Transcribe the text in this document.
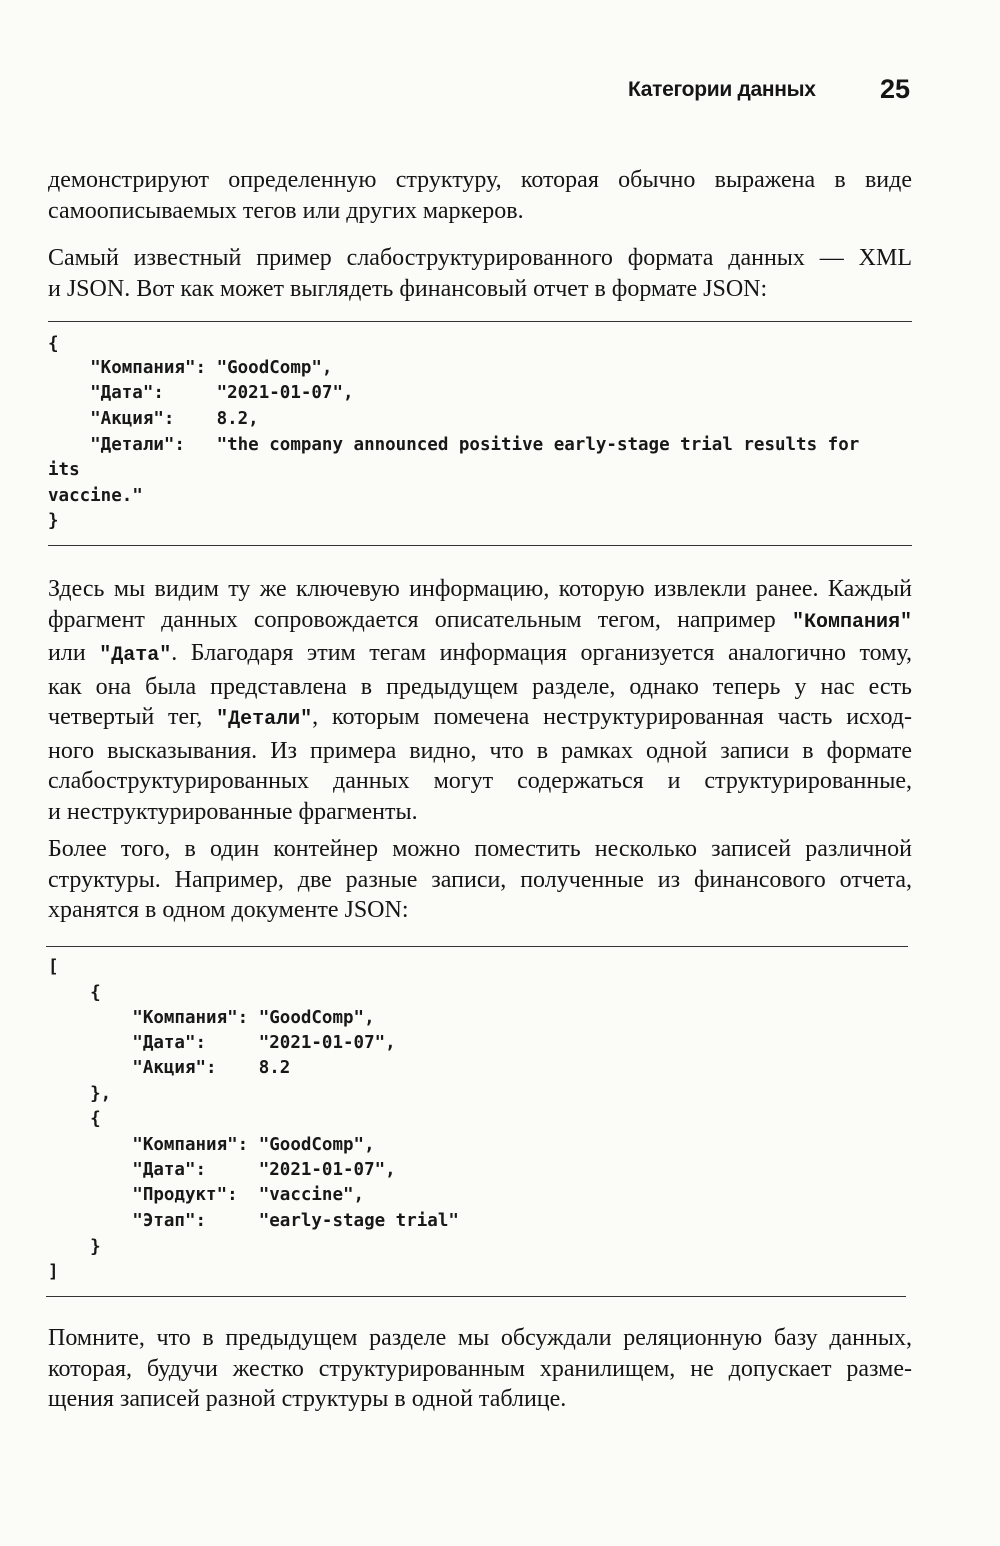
Категории данных 25

демонстрируют определенную структуру, которая обычно выражена в виде
самоописываемых тегов или других маркеров.

Самый известный пример слабоструктурированного формата данных — XML
и JSON. Вот как может выглядеть финансовый отчет в формате JSON:

{
"Компания": "GoodComp",
"Дата":     "2021-01-07",
"Акция":    8.2,
"Детали":   "the company announced positive early-stage trial results for
its
vaccine."
}

Здесь мы видим ту же ключевую информацию, которую извлекли ранее. Каждый
фрагмент данных сопровождается описательным тегом, например "Компания"
или "Дата". Благодаря этим тегам информация организуется аналогично тому,
как она была представлена в предыдущем разделе, однако теперь у нас есть
четвертый тег, "Детали", которым помечена неструктурированная часть исход-
ного высказывания. Из примера видно, что в рамках одной записи в формате
слабоструктурированных данных могут содержаться и структурированные,
и неструктурированные фрагменты.

Более того, в один контейнер можно поместить несколько записей различной
структуры. Например, две разные записи, полученные из финансового отчета,
хранятся в одном документе JSON:

[
{
"Компания": "GoodComp",
"Дата":     "2021-01-07",
"Акция":    8.2
},
{
"Компания": "GoodComp",
"Дата":     "2021-01-07",
"Продукт":  "vaccine",
"Этап":     "early-stage trial"
}
]

Помните, что в предыдущем разделе мы обсуждали реляционную базу данных,
которая, будучи жестко структурированным хранилищем, не допускает разме-
щения записей разной структуры в одной таблице.
